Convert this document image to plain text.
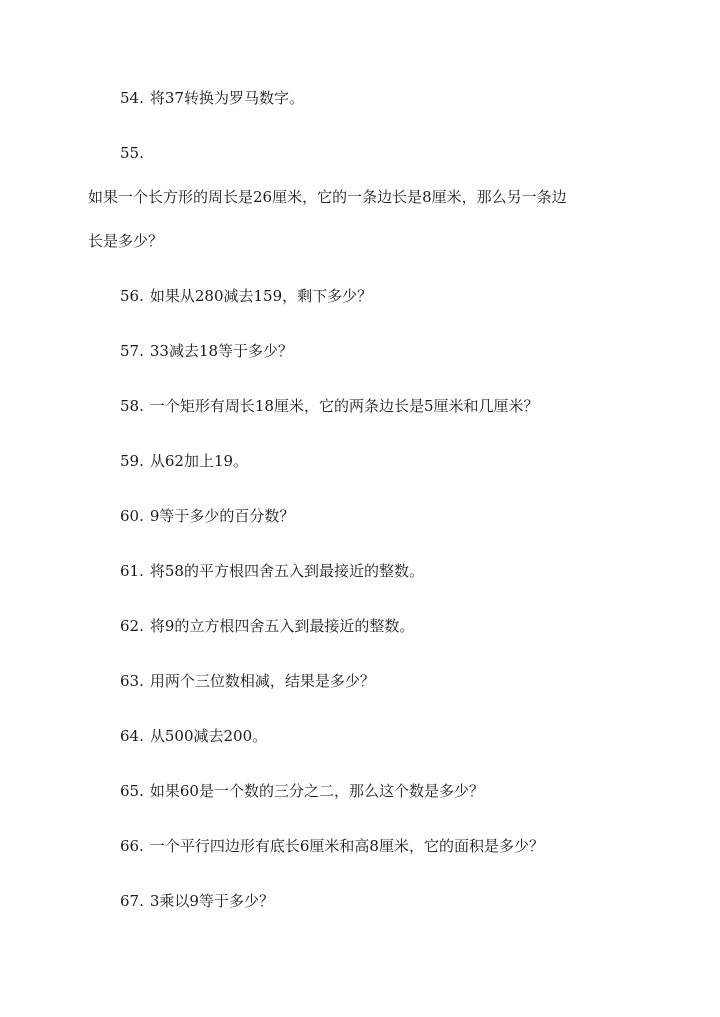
54. 将37转换为罗马数字。
55.
如果一个长方形的周长是26厘米，它的一条边长是8厘米，那么另一条边
长是多少？
56. 如果从280减去159，剩下多少？
57. 33减去18等于多少？
58. 一个矩形有周长18厘米，它的两条边长是5厘米和几厘米？
59. 从62加上19。
60. 9等于多少的百分数？
61. 将58的平方根四舍五入到最接近的整数。
62. 将9的立方根四舍五入到最接近的整数。
63. 用两个三位数相减，结果是多少？
64. 从500减去200。
65. 如果60是一个数的三分之二，那么这个数是多少？
66. 一个平行四边形有底长6厘米和高8厘米，它的面积是多少？
67. 3乘以9等于多少？
